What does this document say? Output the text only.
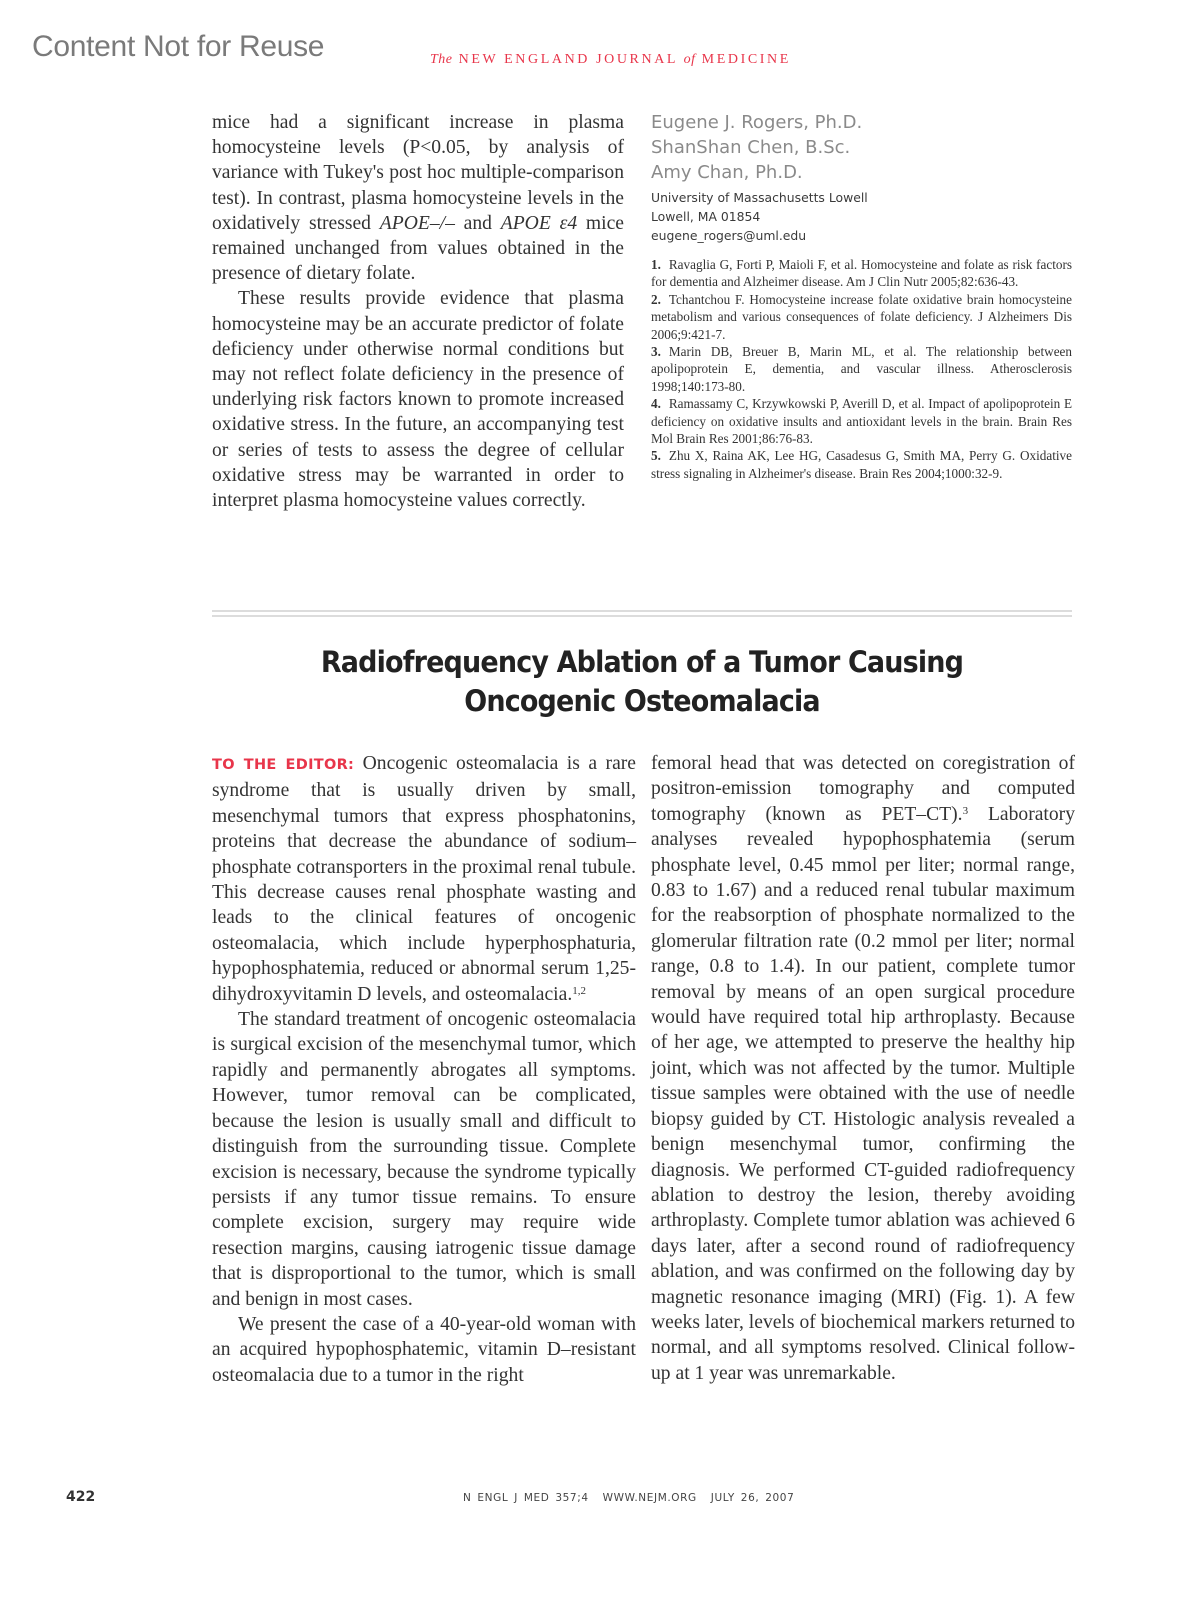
Content Not for Reuse	The NEW ENGLAND JOURNAL of MEDICINE

mice had a significant increase in plasma homocysteine levels (P<0.05, by analysis of variance with Tukey's post hoc multiple-comparison test). In contrast, plasma homocysteine levels in the oxidatively stressed APOE–/– and APOE ε4 mice remained unchanged from values obtained in the presence of dietary folate.

These results provide evidence that plasma homocysteine may be an accurate predictor of folate deficiency under otherwise normal conditions but may not reflect folate deficiency in the presence of underlying risk factors known to promote increased oxidative stress. In the future, an accompanying test or series of tests to assess the degree of cellular oxidative stress may be warranted in order to interpret plasma homocysteine values correctly.

Eugene J. Rogers, Ph.D.
ShanShan Chen, B.Sc.
Amy Chan, Ph.D.
University of Massachusetts Lowell
Lowell, MA 01854
eugene_rogers@uml.edu

1. Ravaglia G, Forti P, Maioli F, et al. Homocysteine and folate as risk factors for dementia and Alzheimer disease. Am J Clin Nutr 2005;82:636-43.

2. Tchantchou F. Homocysteine increase folate oxidative brain homocysteine metabolism and various consequences of folate deficiency. J Alzheimers Dis 2006;9:421-7.

3. Marin DB, Breuer B, Marin ML, et al. The relationship between apolipoprotein E, dementia, and vascular illness. Atherosclerosis 1998;140:173-80.

4. Ramassamy C, Krzywkowski P, Averill D, et al. Impact of apolipoprotein E deficiency on oxidative insults and antioxidant levels in the brain. Brain Res Mol Brain Res 2001;86:76-83.

5. Zhu X, Raina AK, Lee HG, Casadesus G, Smith MA, Perry G. Oxidative stress signaling in Alzheimer's disease. Brain Res 2004;1000:32-9.

Radiofrequency Ablation of a Tumor Causing
Oncogenic Osteomalacia

TO THE EDITOR: Oncogenic osteomalacia is a rare syndrome that is usually driven by small, mesenchymal tumors that express phosphatonins, proteins that decrease the abundance of sodium–phosphate cotransporters in the proximal renal tubule. This decrease causes renal phosphate wasting and leads to the clinical features of oncogenic osteomalacia, which include hyperphosphaturia, hypophosphatemia, reduced or abnormal serum 1,25-dihydroxyvitamin D levels, and osteomalacia.$^{1,2}$

The standard treatment of oncogenic osteomalacia is surgical excision of the mesenchymal tumor, which rapidly and permanently abrogates all symptoms. However, tumor removal can be complicated, because the lesion is usually small and difficult to distinguish from the surrounding tissue. Complete excision is necessary, because the syndrome typically persists if any tumor tissue remains. To ensure complete excision, surgery may require wide resection margins, causing iatrogenic tissue damage that is disproportional to the tumor, which is small and benign in most cases.

We present the case of a 40-year-old woman with an acquired hypophosphatemic, vitamin D–resistant osteomalacia due to a tumor in the right

femoral head that was detected on coregistration of positron-emission tomography and computed tomography (known as PET–CT).$^3$ Laboratory analyses revealed hypophosphatemia (serum phosphate level, 0.45 mmol per liter; normal range, 0.83 to 1.67) and a reduced renal tubular maximum for the reabsorption of phosphate normalized to the glomerular filtration rate (0.2 mmol per liter; normal range, 0.8 to 1.4). In our patient, complete tumor removal by means of an open surgical procedure would have required total hip arthroplasty. Because of her age, we attempted to preserve the healthy hip joint, which was not affected by the tumor. Multiple tissue samples were obtained with the use of needle biopsy guided by CT. Histologic analysis revealed a benign mesenchymal tumor, confirming the diagnosis. We performed CT-guided radiofrequency ablation to destroy the lesion, thereby avoiding arthroplasty. Complete tumor ablation was achieved 6 days later, after a second round of radiofrequency ablation, and was confirmed on the following day by magnetic resonance imaging (MRI) (Fig. 1). A few weeks later, levels of biochemical markers returned to normal, and all symptoms resolved. Clinical follow-up at 1 year was unremarkable.

422	N ENGL J MED 357;4 WWW.NEJM.ORG JULY 26, 2007
